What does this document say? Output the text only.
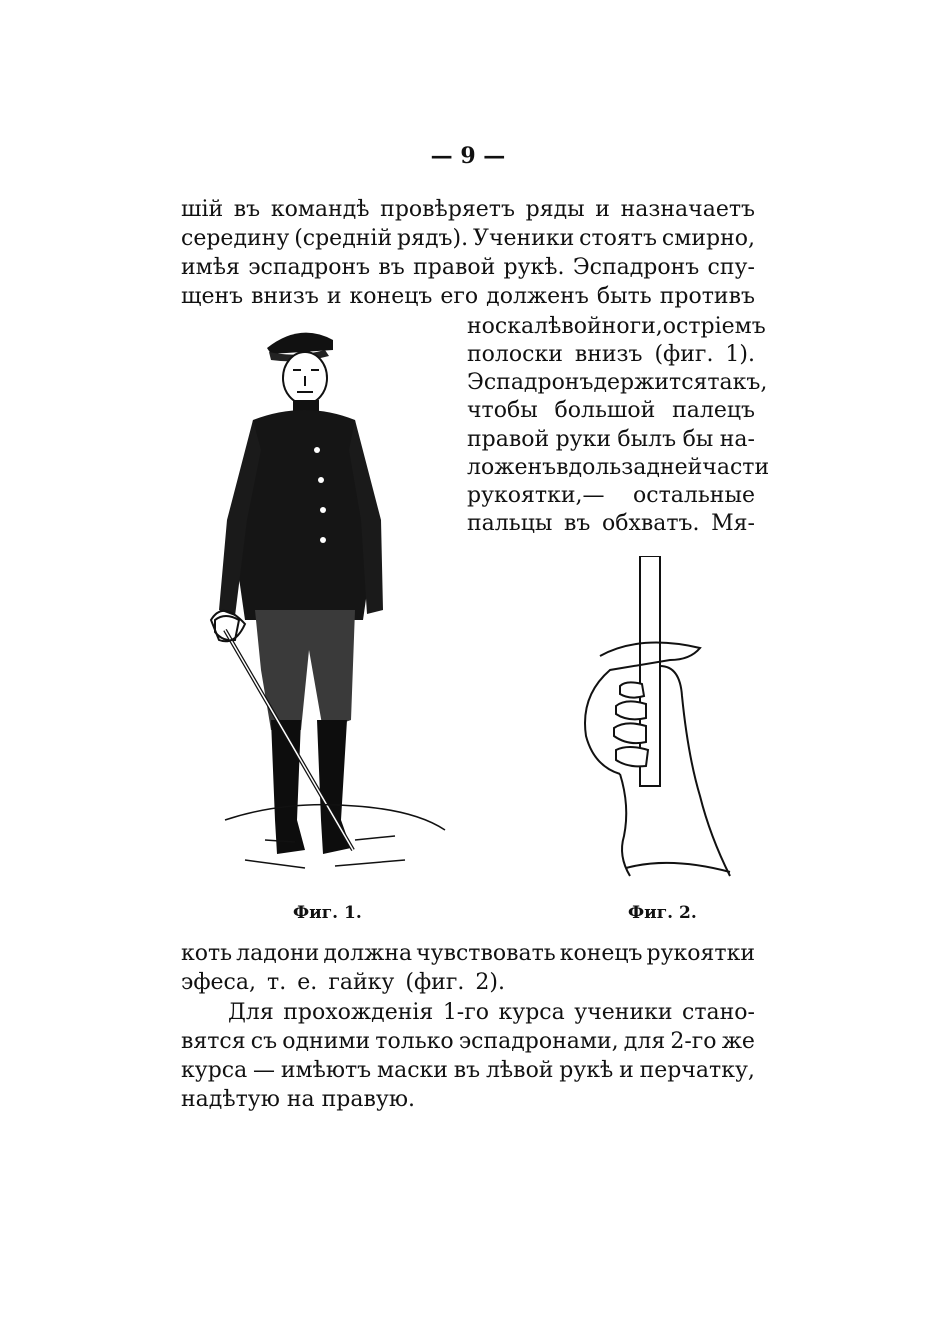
— 9 —
шій въ командѣ провѣряетъ ряды и назначаетъ
середину (средній рядъ). Ученики стоятъ смирно,
имѣя эспадронъ въ правой рукѣ. Эспадронъ спу-
щенъ внизъ и конецъ его долженъ быть противъ
носка лѣвой ноги, остріемъ
полоски внизъ (фиг. 1).
Эспадронъ держится такъ,
чтобы большой палецъ
правой руки былъ бы на-
ложенъ вдоль задней части
рукоятки,— остальные
пальцы въ обхватъ. Мя-
Фиг. 1.	Фиг. 2.
коть ладони должна чувствовать конецъ рукоятки
эфеса, т. е. гайку (фиг. 2).
Для прохожденія 1-го курса ученики стано-
вятся съ одними только эспадронами, для 2-го же
курса — имѣютъ маски въ лѣвой рукѣ и перчатку,
надѣтую на правую.
